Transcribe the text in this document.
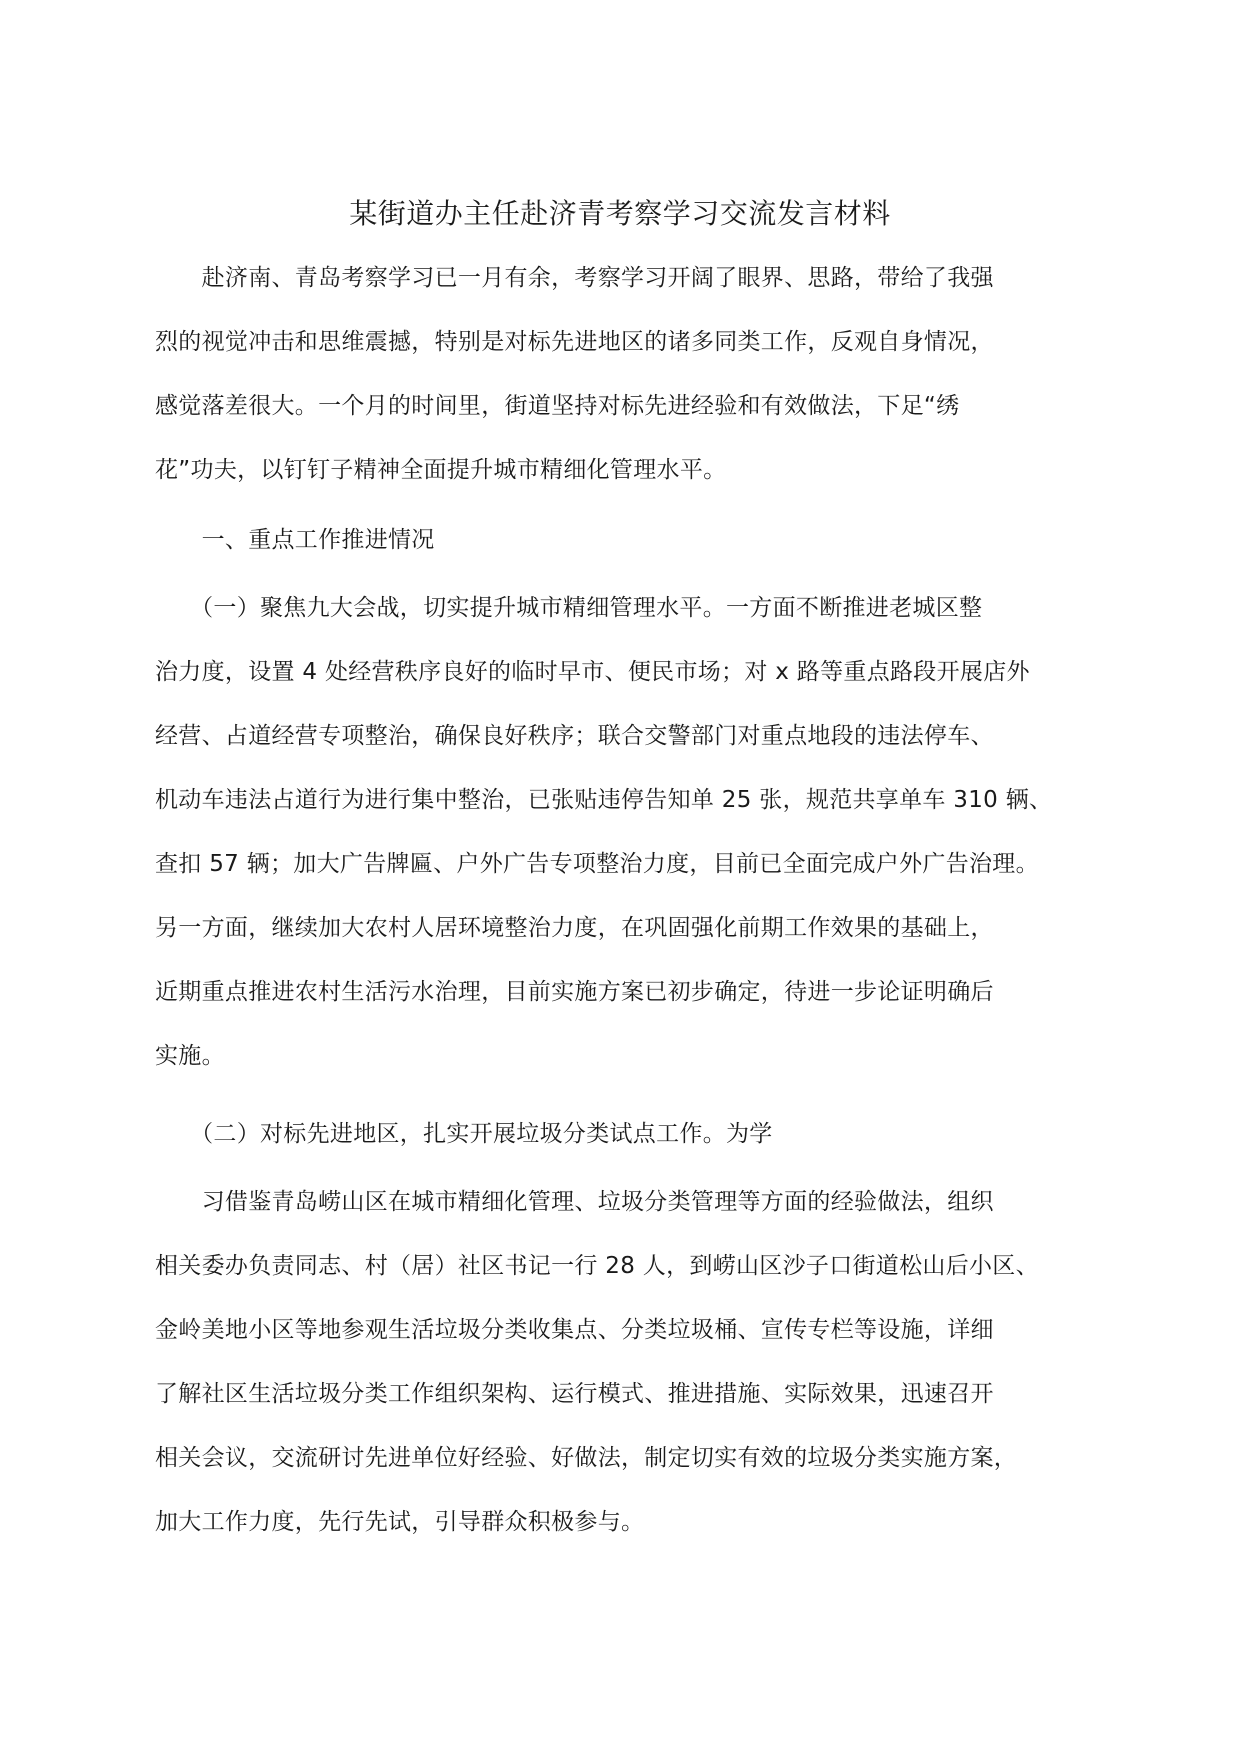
某街道办主任赴济青考察学习交流发言材料
　　赴济南、青岛考察学习已一月有余，考察学习开阔了眼界、思路，带给了我强
烈的视觉冲击和思维震撼，特别是对标先进地区的诸多同类工作，反观自身情况，
感觉落差很大。一个月的时间里，街道坚持对标先进经验和有效做法，下足“绣
花”功夫，以钉钉子精神全面提升城市精细化管理水平。
　　一、重点工作推进情况
　　（一）聚焦九大会战，切实提升城市精细管理水平。一方面不断推进老城区整
治力度，设置 4 处经营秩序良好的临时早市、便民市场；对 x 路等重点路段开展店外
经营、占道经营专项整治，确保良好秩序；联合交警部门对重点地段的违法停车、
机动车违法占道行为进行集中整治，已张贴违停告知单 25 张，规范共享单车 310 辆、
查扣 57 辆；加大广告牌匾、户外广告专项整治力度，目前已全面完成户外广告治理。
另一方面，继续加大农村人居环境整治力度，在巩固强化前期工作效果的基础上，
近期重点推进农村生活污水治理，目前实施方案已初步确定，待进一步论证明确后
实施。
　　（二）对标先进地区，扎实开展垃圾分类试点工作。为学
　　习借鉴青岛崂山区在城市精细化管理、垃圾分类管理等方面的经验做法，组织
相关委办负责同志、村（居）社区书记一行 28 人，到崂山区沙子口街道松山后小区、
金岭美地小区等地参观生活垃圾分类收集点、分类垃圾桶、宣传专栏等设施，详细
了解社区生活垃圾分类工作组织架构、运行模式、推进措施、实际效果，迅速召开
相关会议，交流研讨先进单位好经验、好做法，制定切实有效的垃圾分类实施方案，
加大工作力度，先行先试，引导群众积极参与。
